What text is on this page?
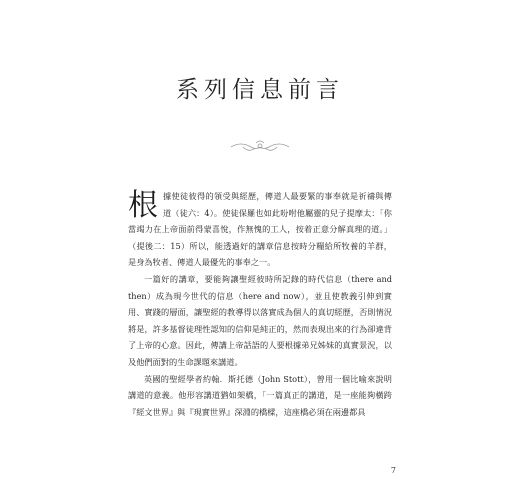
系列信息前言

根 據使徒彼得的領受與經歷，傳道人最要緊的事奉就是祈禱與傳道（徒六：4）。使徒保羅也如此吩咐他屬靈的兒子提摩太：「你當竭力在上帝面前得蒙喜悅，作無愧的工人，按着正意分解真理的道。」（提後二：15）所以，能透過好的講章信息按時分糧給所牧養的羊群，是身為牧者、傳道人最優先的事奉之一。

一篇好的講章，要能夠讓聖經彼時所記錄的時代信息（there and then）成為現今世代的信息（here and now），並且使教義引伸到實用、實踐的層面，讓聖經的教導得以落實成為個人的真切經歷，否則情況將是，許多基督徒理性認知的信仰是純正的，然而表現出來的行為卻違背了上帝的心意。因此，傳講上帝話語的人要根據弟兄姊妹的真實景況，以及他們面對的生命課題來講道。

英國的聖經學者約翰．斯托德（John Stott），曾用一個比喻來說明講道的意義。他形容講道猶如架橋，「一篇真正的講道，是一座能夠橫跨『經文世界』與『現實世界』深淵的橋樑，這座橋必須在兩邊都具

7
